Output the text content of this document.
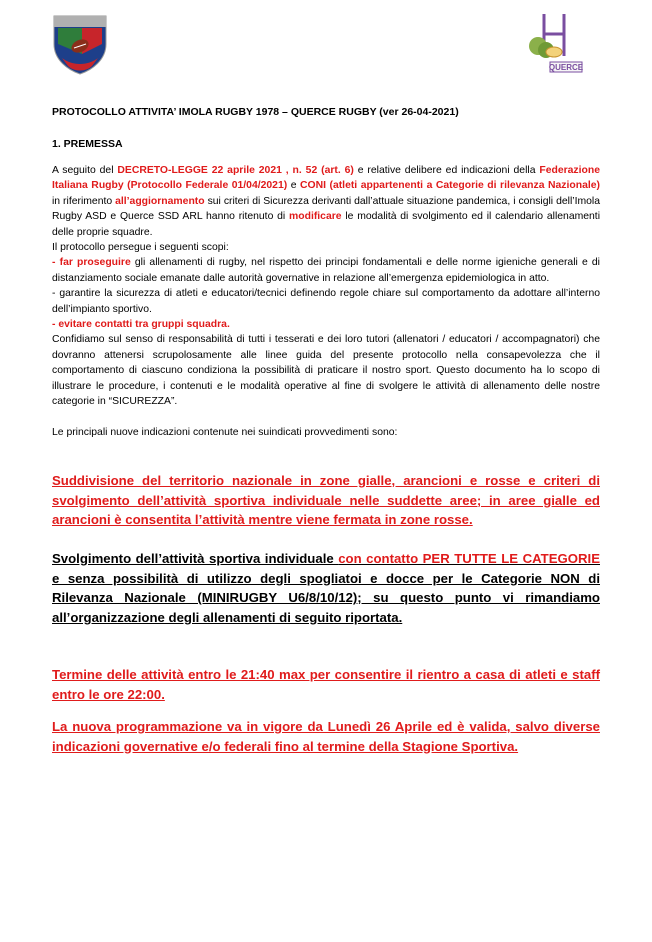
QUERCE
PROTOCOLLO ATTIVITA’ IMOLA RUGBY 1978 – QUERCE RUGBY (ver 26-04-2021)
1. PREMESSA

A seguito del DECRETO-LEGGE 22 aprile 2021 , n. 52 (art. 6) e relative delibere ed indicazioni della Federazione Italiana Rugby (Protocollo Federale 01/04/2021) e CONI (atleti appartenenti a Categorie di rilevanza Nazionale) in riferimento all’aggiornamento sui criteri di Sicurezza derivanti dall’attuale situazione pandemica, i consigli dell’Imola Rugby ASD e Querce SSD ARL hanno ritenuto di modificare le modalità di svolgimento ed il calendario allenamenti delle proprie squadre.

Il protocollo persegue i seguenti scopi:

- far proseguire gli allenamenti di rugby, nel rispetto dei principi fondamentali e delle norme igieniche generali e di distanziamento sociale emanate dalle autorità governative in relazione all’emergenza epidemiologica in atto.

- garantire la sicurezza di atleti e educatori/tecnici definendo regole chiare sul comportamento da adottare all’interno dell’impianto sportivo.

- evitare contatti tra gruppi squadra.

Confidiamo sul senso di responsabilità di tutti i tesserati e dei loro tutori (allenatori / educatori / accompagnatori) che dovranno attenersi scrupolosamente alle linee guida del presente protocollo nella consapevolezza che il comportamento di ciascuno condiziona la possibilità di praticare il nostro sport. Questo documento ha lo scopo di illustrare le procedure, i contenuti e le modalità operative al fine di svolgere le attività di allenamento delle nostre categorie in “SICUREZZA”.

Le principali nuove indicazioni contenute nei suindicati provvedimenti sono:

Suddivisione del territorio nazionale in zone gialle, arancioni e rosse e criteri di svolgimento dell’attività sportiva individuale nelle suddette aree; in aree gialle ed arancioni è consentita l’attività mentre viene fermata in zone rosse.
Svolgimento dell’attività sportiva individuale con contatto PER TUTTE LE CATEGORIE e senza possibilità di utilizzo degli spogliatoi e docce per le Categorie NON di Rilevanza Nazionale (MINIRUGBY U6/8/10/12); su questo punto vi rimandiamo all’organizzazione degli allenamenti di seguito riportata.
Termine delle attività entro le 21:40 max per consentire il rientro a casa di atleti e staff entro le ore 22:00.
La nuova programmazione va in vigore da Lunedì 26 Aprile ed è valida, salvo diverse indicazioni governative e/o federali fino al termine della Stagione Sportiva.
